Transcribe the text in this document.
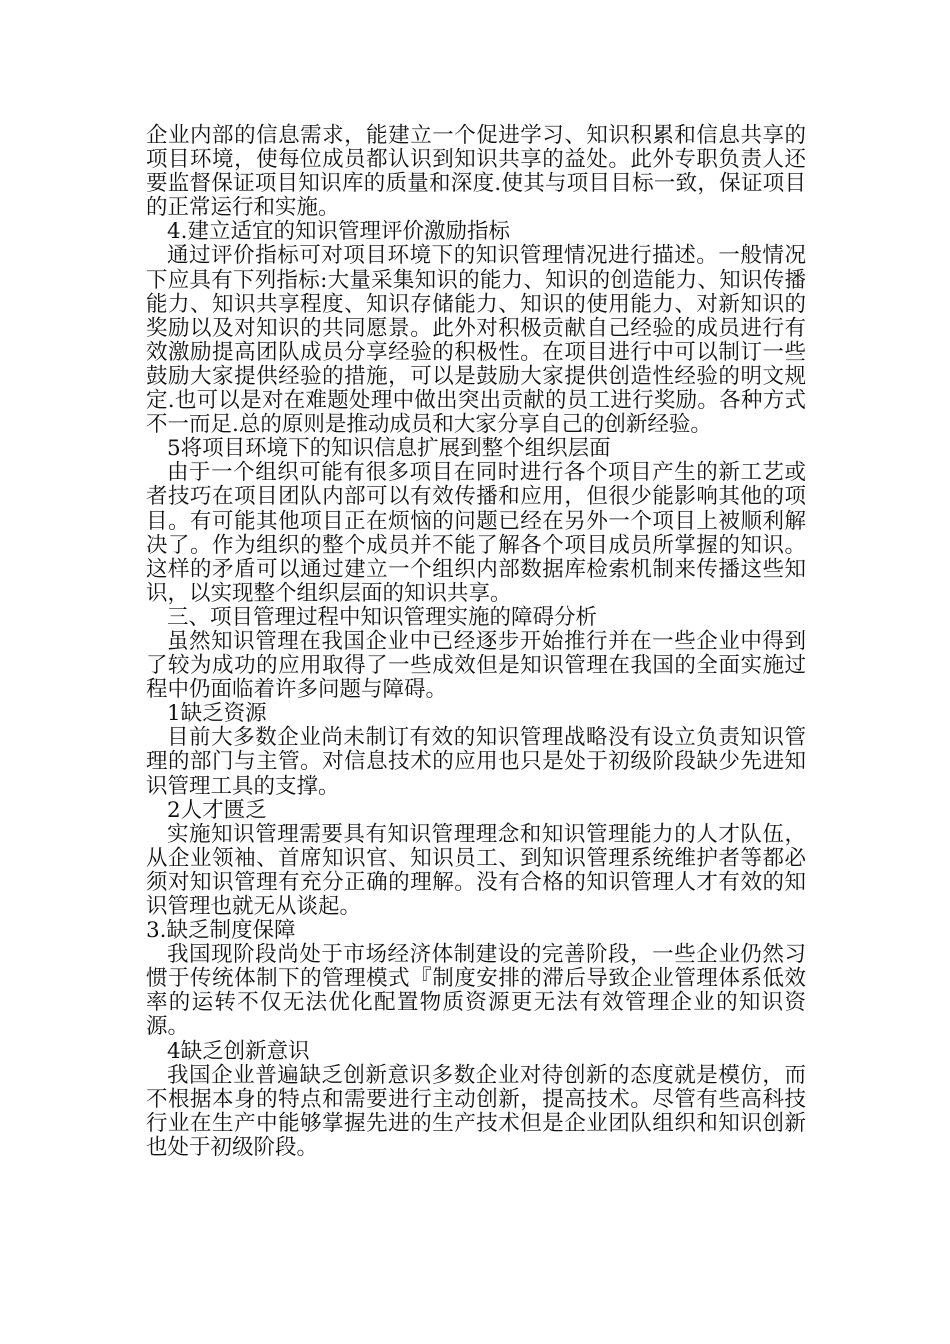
企业内部的信息需求，能建立一个促进学习、知识积累和信息共享的项目环境，使每位成员都认识到知识共享的益处。此外专职负责人还要监督保证项目知识库的质量和深度.使其与项目目标一致，保证项目的正常运行和实施。

4.建立适宜的知识管理评价激励指标

通过评价指标可对项目环境下的知识管理情况进行描述。一般情况下应具有下列指标:大量采集知识的能力、知识的创造能力、知识传播能力、知识共享程度、知识存储能力、知识的使用能力、对新知识的奖励以及对知识的共同愿景。此外对积极贡献自己经验的成员进行有效激励提高团队成员分享经验的积极性。在项目进行中可以制订一些鼓励大家提供经验的措施，可以是鼓励大家提供创造性经验的明文规定.也可以是对在难题处理中做出突出贡献的员工进行奖励。各种方式不一而足.总的原则是推动成员和大家分享自己的创新经验。

5将项目环境下的知识信息扩展到整个组织层面

由于一个组织可能有很多项目在同时进行各个项目产生的新工艺或者技巧在项目团队内部可以有效传播和应用，但很少能影响其他的项目。有可能其他项目正在烦恼的问题已经在另外一个项目上被顺利解决了。作为组织的整个成员并不能了解各个项目成员所掌握的知识。这样的矛盾可以通过建立一个组织内部数据库检索机制来传播这些知识，以实现整个组织层面的知识共享。

三、项目管理过程中知识管理实施的障碍分析

虽然知识管理在我国企业中已经逐步开始推行并在一些企业中得到了较为成功的应用取得了一些成效但是知识管理在我国的全面实施过程中仍面临着许多问题与障碍。

1缺乏资源

目前大多数企业尚未制订有效的知识管理战略没有设立负责知识管理的部门与主管。对信息技术的应用也只是处于初级阶段缺少先进知识管理工具的支撑。

2人才匮乏

实施知识管理需要具有知识管理理念和知识管理能力的人才队伍，从企业领袖、首席知识官、知识员工、到知识管理系统维护者等都必须对知识管理有充分正确的理解。没有合格的知识管理人才有效的知识管理也就无从谈起。

3.缺乏制度保障

我国现阶段尚处于市场经济体制建设的完善阶段，一些企业仍然习惯于传统体制下的管理模式『制度安排的滞后导致企业管理体系低效率的运转不仅无法优化配置物质资源更无法有效管理企业的知识资源。

4缺乏创新意识

我国企业普遍缺乏创新意识多数企业对待创新的态度就是模仿，而不根据本身的特点和需要进行主动创新，提高技术。尽管有些高科技行业在生产中能够掌握先进的生产技术但是企业团队组织和知识创新也处于初级阶段。
